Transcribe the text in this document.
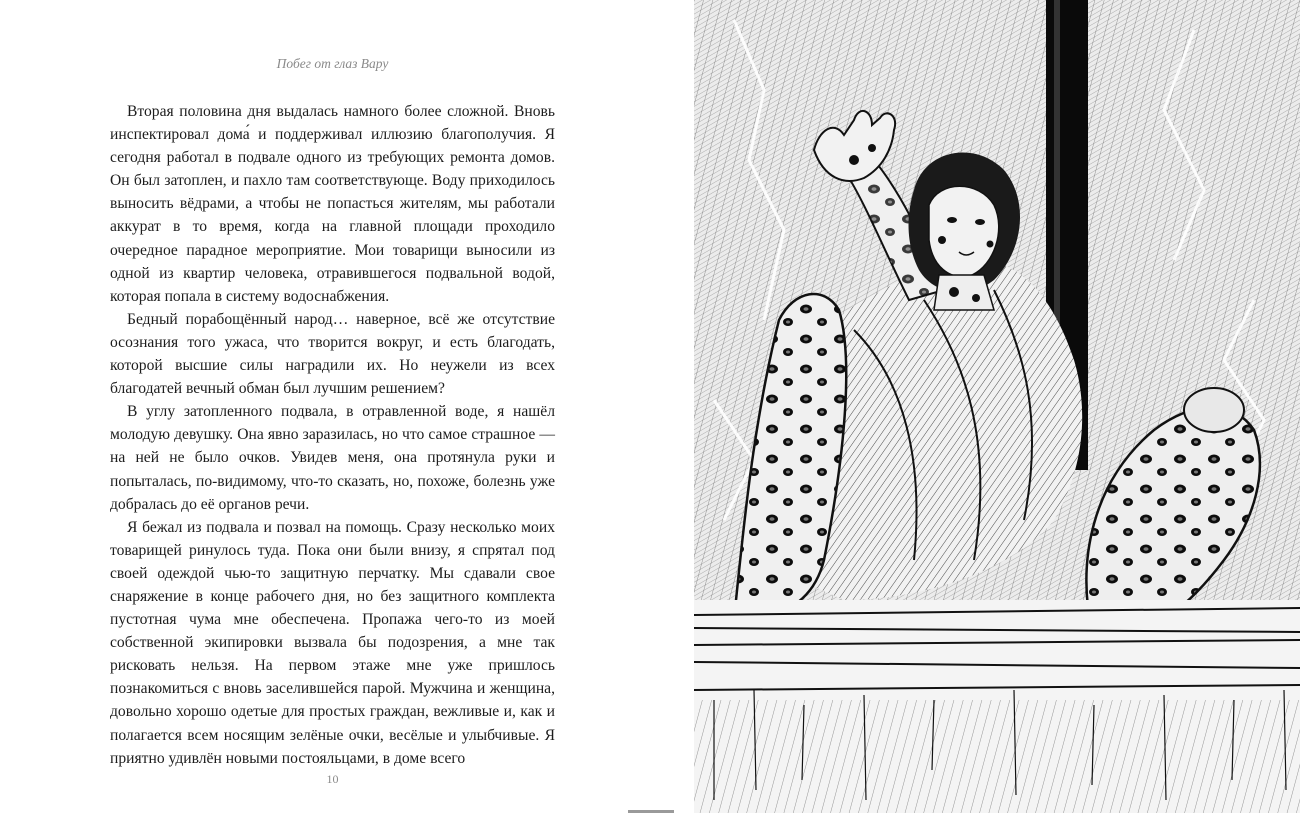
Побег от глаз Вару

Вторая половина дня выдалась намного более сложной. Вновь инспектировал дома́ и поддерживал иллюзию благополучия. Я сегодня работал в подвале одного из требующих ремонта домов. Он был затоплен, и пахло там соответствующе. Воду приходилось выносить вёдрами, а чтобы не попасться жителям, мы работали аккурат в то время, когда на главной площади проходило очередное парадное мероприятие. Мои товарищи выносили из одной из квартир человека, отравившегося подвальной водой, которая попала в систему водоснабжения.

Бедный порабощённый народ… наверное, всё же отсутствие осознания того ужаса, что творится вокруг, и есть благодать, которой высшие силы наградили их. Но неужели из всех благодатей вечный обман был лучшим решением?

В углу затопленного подвала, в отравленной воде, я нашёл молодую девушку. Она явно заразилась, но что самое страшное — на ней не было очков. Увидев меня, она протянула руки и попыталась, по-видимому, что-то сказать, но, похоже, болезнь уже добралась до её органов речи.

Я бежал из подвала и позвал на помощь. Сразу несколько моих товарищей ринулось туда. Пока они были внизу, я спрятал под своей одеждой чью-то защитную перчатку. Мы сдавали свое снаряжение в конце рабочего дня, но без защитного комплекта пустотная чума мне обеспечена. Пропажа чего-то из моей собственной экипировки вызвала бы подозрения, а мне так рисковать нельзя. На первом этаже мне уже пришлось познакомиться с вновь заселившейся парой. Мужчина и женщина, довольно хорошо одетые для простых граждан, вежливые и, как и полагается всем носящим зелёные очки, весёлые и улыбчивые. Я приятно удивлён новыми постояльцами, в доме всего

10
